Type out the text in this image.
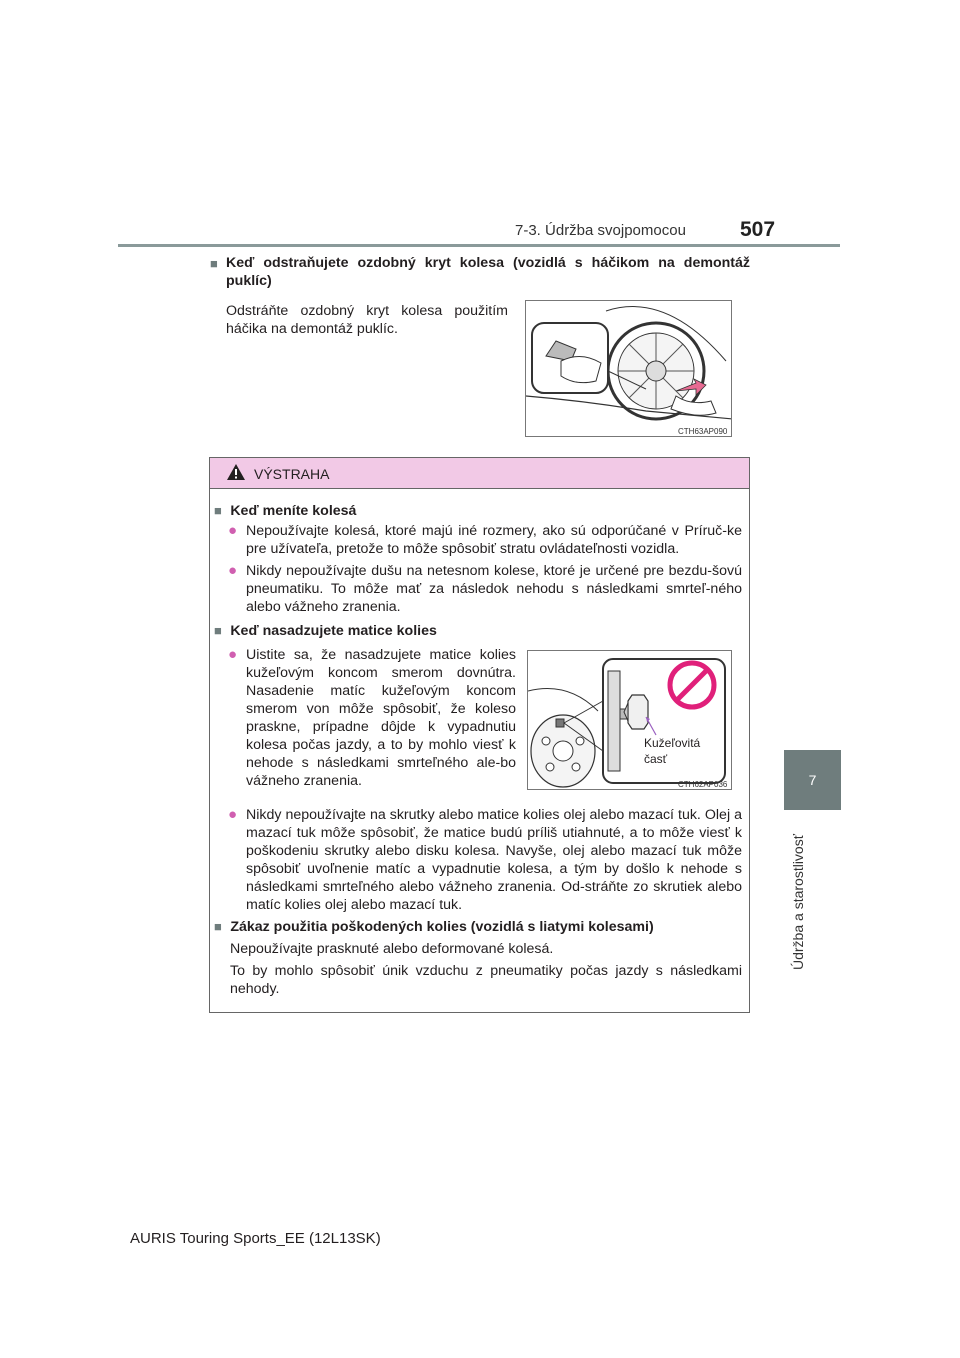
7-3. Údržba svojpomocou	507
7
Údržba a starostlivosť
■ Keď odstraňujete ozdobný kryt kolesa (vozidlá s háčikom na demontáž puklíc)
Odstráňte ozdobný kryt kolesa použitím háčika na demontáž puklíc.
CTH63AP090
VÝSTRAHA
■ Keď meníte kolesá
● Nepoužívajte kolesá, ktoré majú iné rozmery, ako sú odporúčané v Príruč-ke pre užívateľa, pretože to môže spôsobiť stratu ovládateľnosti vozidla.
● Nikdy nepoužívajte dušu na netesnom kolese, ktoré je určené pre bezdu-šovú pneumatiku. To môže mať za následok nehodu s následkami smrteľ-ného alebo vážneho zranenia.
■ Keď nasadzujete matice kolies
● Uistite sa, že nasadzujete matice kolies kužeľovým koncom smerom dovnútra. Nasadenie matíc kužeľovým koncom smerom von môže spôsobiť, že koleso praskne, prípadne dôjde k vypadnutiu kolesa počas jazdy, a to by mohlo viesť k nehode s následkami smrteľného ale-bo vážneho zranenia.
Kužeľovitá
časť
CTH62AP036
● Nikdy nepoužívajte na skrutky alebo matice kolies olej alebo mazací tuk. Olej a mazací tuk môže spôsobiť, že matice budú príliš utiahnuté, a to môže viesť k poškodeniu skrutky alebo disku kolesa. Navyše, olej alebo mazací tuk môže spôsobiť uvoľnenie matíc a vypadnutie kolesa, a tým by došlo k nehode s následkami smrteľného alebo vážneho zranenia. Od-stráňte zo skrutiek alebo matíc kolies olej alebo mazací tuk.
■ Zákaz použitia poškodených kolies (vozidlá s liatymi kolesami)
Nepoužívajte prasknuté alebo deformované kolesá.
To by mohlo spôsobiť únik vzduchu z pneumatiky počas jazdy s následkami nehody.
AURIS Touring Sports_EE (12L13SK)
